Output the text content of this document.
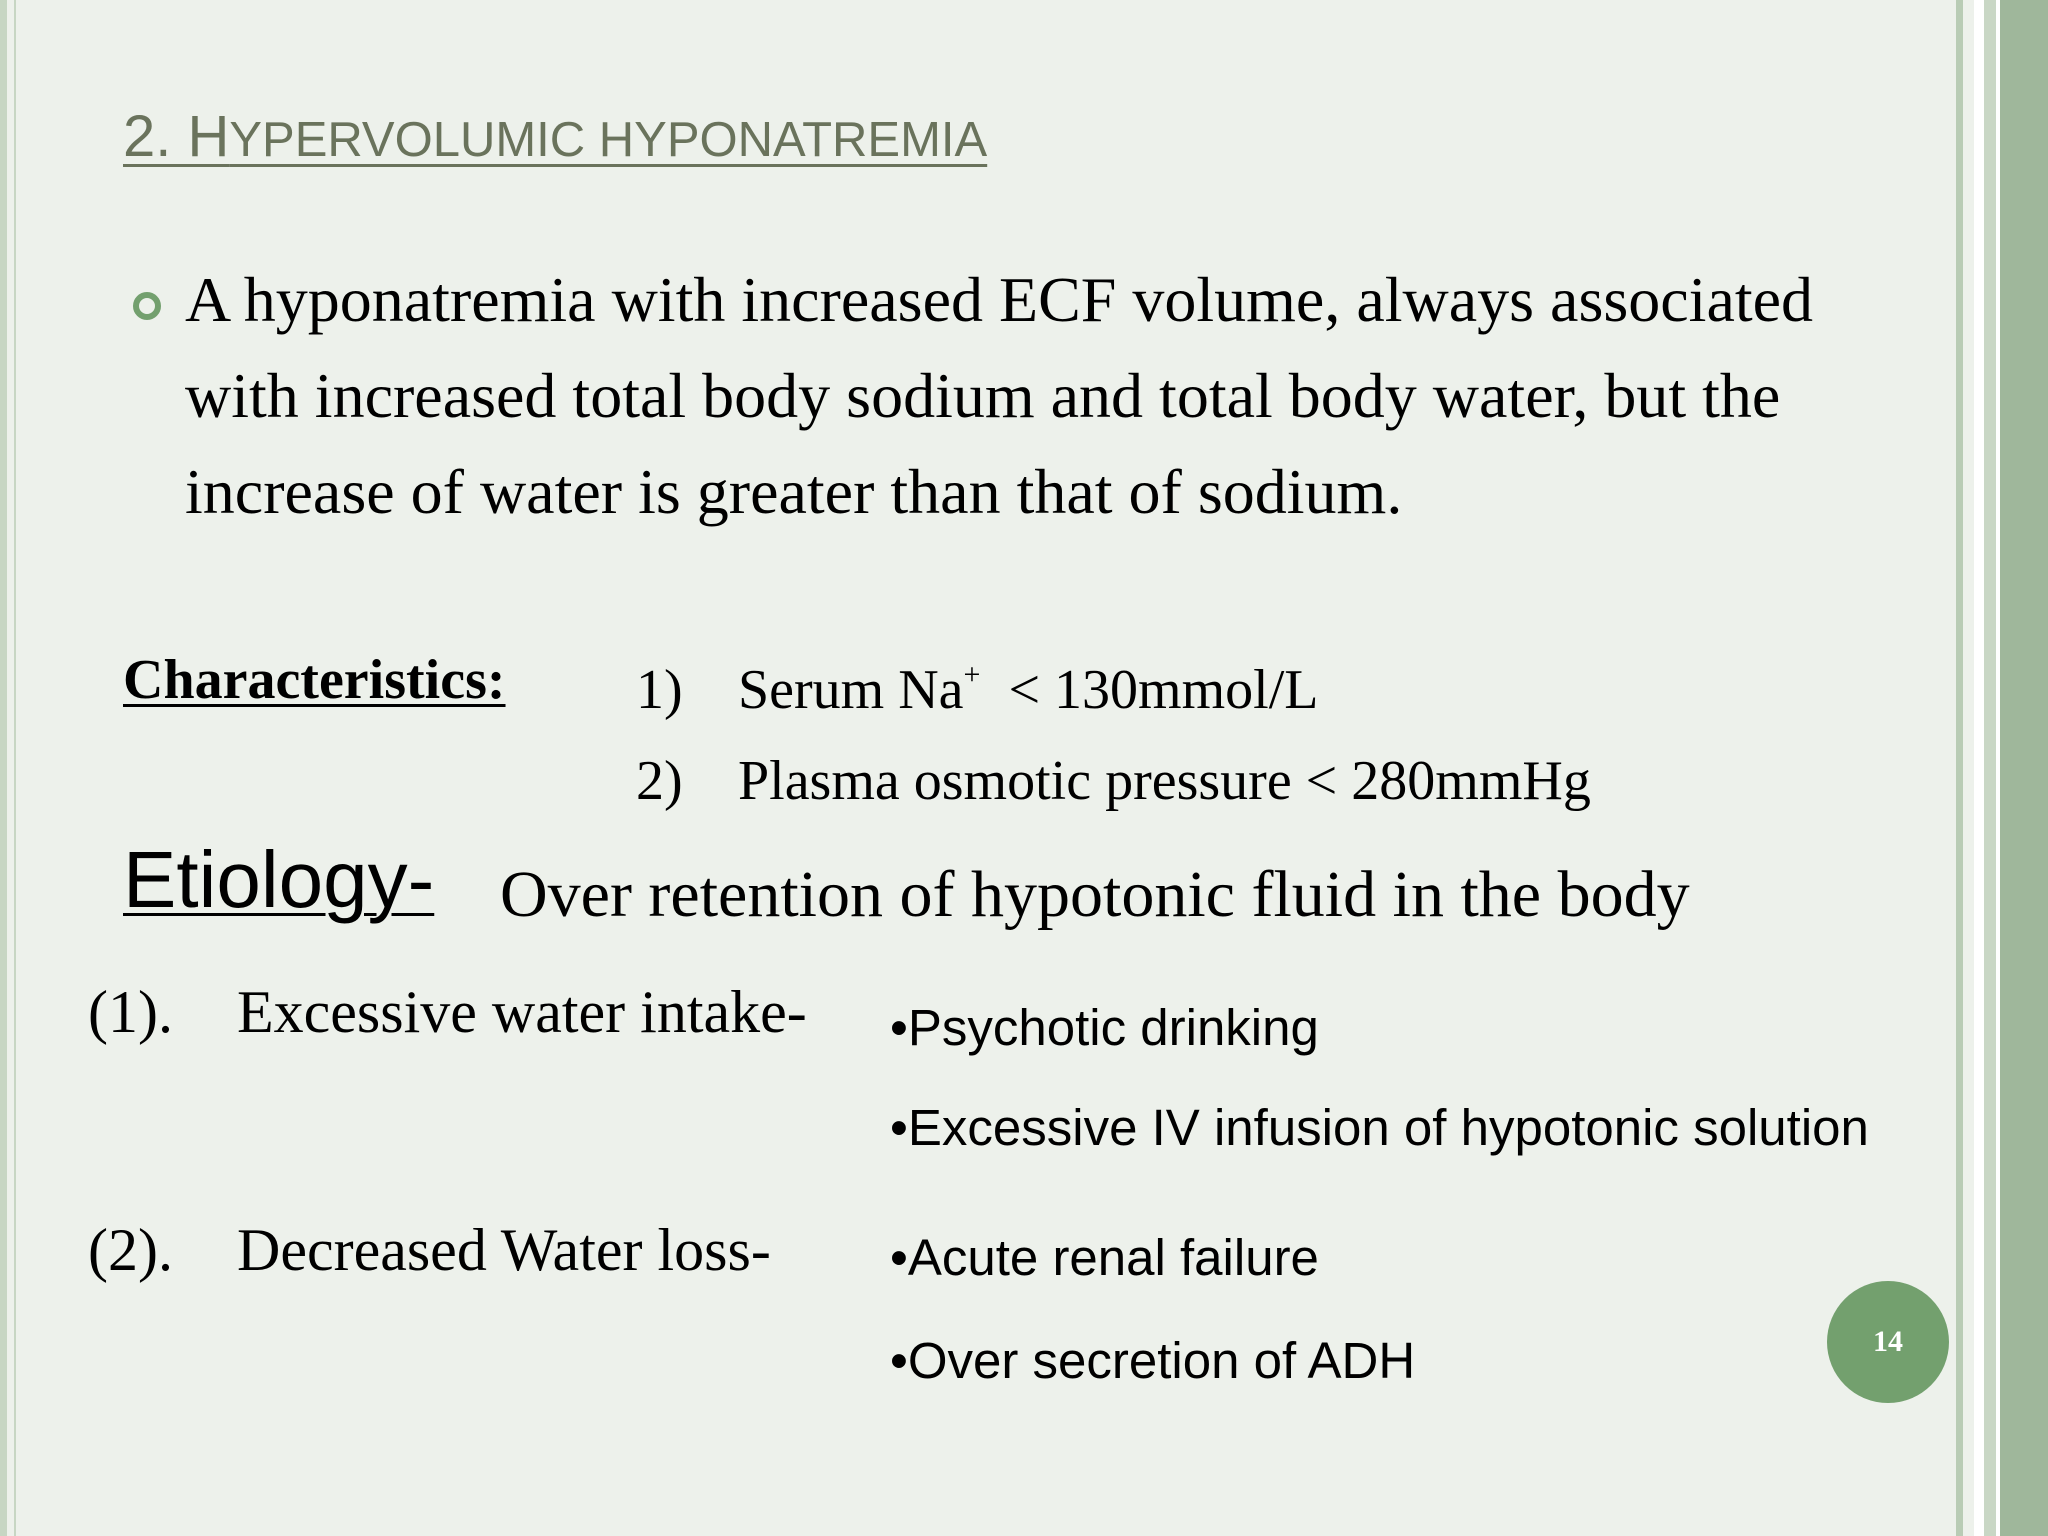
2. HYPERVOLUMIC HYPONATREMIA

A hyponatremia with increased ECF volume, always associated with increased total body sodium and total body water, but the increase of water is greater than that of sodium.

Characteristics: 1) Serum Na+  < 130mmol/L
2) Plasma osmotic pressure < 280mmHg
Etiology- Over retention of hypotonic fluid in the body
(1). Excessive water intake- •Psychotic drinking
•Excessive IV infusion of hypotonic solution
(2). Decreased Water loss- •Acute renal failure
•Over secretion of ADH	14
